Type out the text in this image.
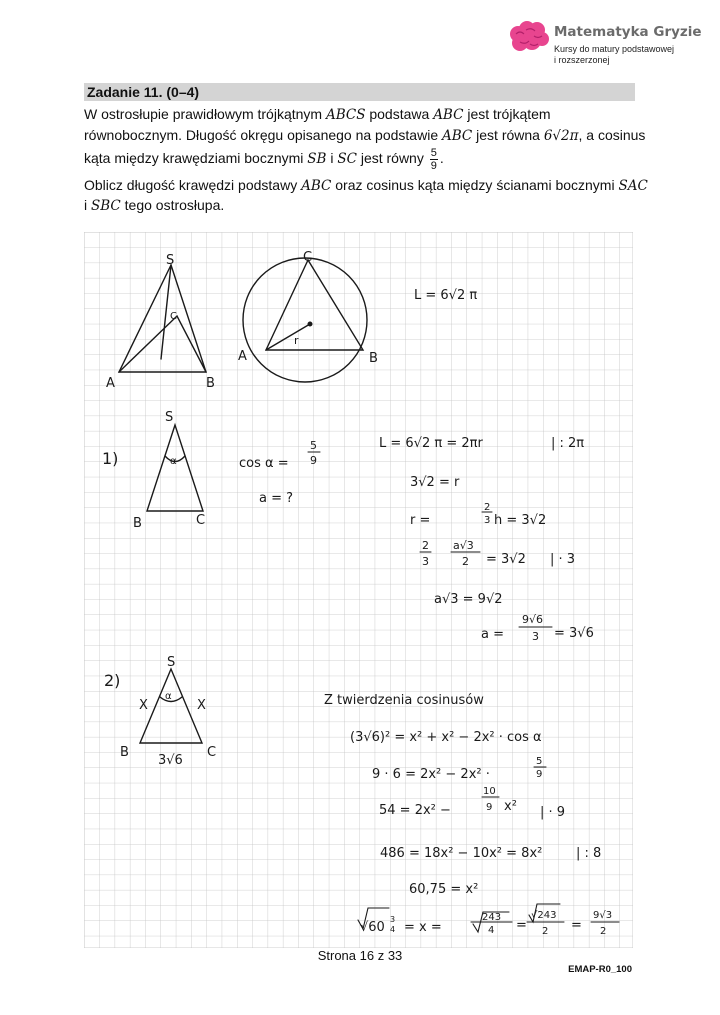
Matematyka Gryzie
Kursy do matury podstawowej
i rozszerzonej
Zadanie 11. (0–4)
W ostrosłupie prawidłowym trójkątnym ABCS podstawa ABC jest trójkątem
równobocznym. Długość okręgu opisanego na podstawie ABC jest równa 6√2π, a cosinus
kąta między krawędziami bocznymi SB i SC jest równy $\frac{5}{9}$ .
Oblicz długość krawędzi podstawy ABC oraz cosinus kąta między ścianami bocznymi SAC
i SBC tego ostrosłupa.
S
C
A	B
C
A	B
r
L = 6√2 π
1)
S
B	C
α	cos α =
5
9
a = ?
L = 6√2 π = 2πr	| : 2π
3√2 = r
r =
2
3 h = 3√2
2
3
a√3
2 = 3√2 | · 3
a√3 = 9√2
a =
9√6
3 = 3√6
2)
S
X	X
α
B	C
3√6
Z twierdzenia cosinusów
(3√6)² = x² + x² − 2x² · cos α
9 · 6 = 2x² − 2x² ·
5
9
54 = 2x² −
10
9 x² | · 9
486 = 18x² − 10x² = 8x²	| : 8
60,75 = x²
√60
3
4 = x =
243
4 =
√243
2 =
9√3
2
Strona 16 z 33
EMAP-R0_100
